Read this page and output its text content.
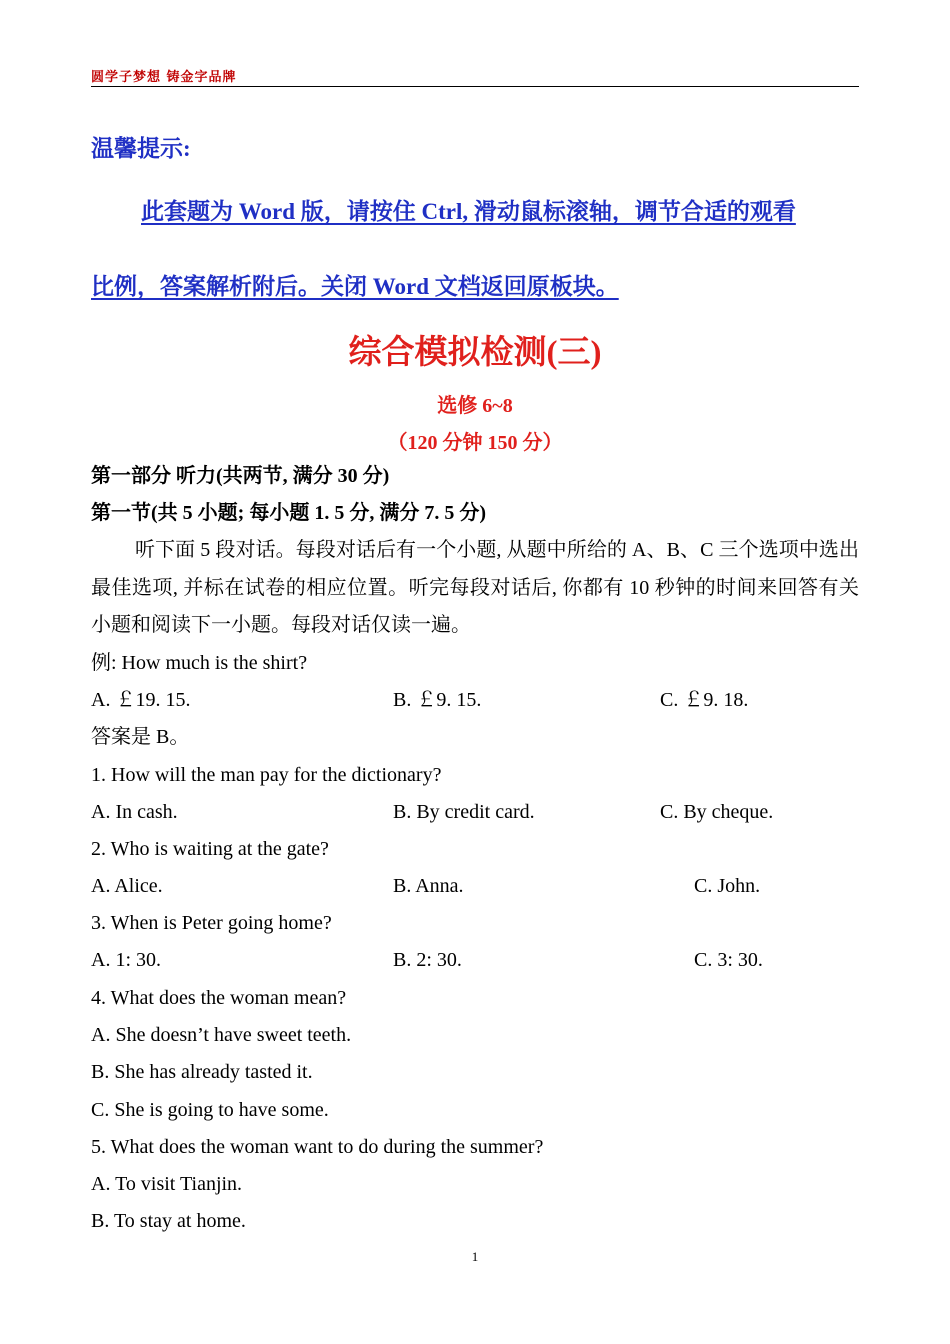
圆学子梦想 铸金字品牌
温馨提示:
此套题为 Word 版，请按住 Ctrl, 滑动鼠标滚轴，调节合适的观看
比例，答案解析附后。关闭 Word 文档返回原板块。
综合模拟检测(三)
选修 6~8
（120 分钟 150 分）
第一部分 听力(共两节, 满分 30 分)
第一节(共 5 小题; 每小题 1. 5 分, 满分 7. 5 分)
听下面 5 段对话。每段对话后有一个小题, 从题中所给的 A、B、C 三个选项中选出最佳选项, 并标在试卷的相应位置。听完每段对话后, 你都有 10 秒钟的时间来回答有关小题和阅读下一小题。每段对话仅读一遍。
例: How much is the shirt?
A. ￡19. 15.	B. ￡9. 15.	C. ￡9. 18.
答案是 B。
1. How will the man pay for the dictionary?
A. In cash.	B. By credit card.	C. By cheque.
2. Who is waiting at the gate?
A. Alice.	B. Anna.	C. John.
3. When is Peter going home?
A. 1: 30.	B. 2: 30.	C. 3: 30.
4. What does the woman mean?
A. She doesn’t have sweet teeth.
B. She has already tasted it.
C. She is going to have some.
5. What does the woman want to do during the summer?
A. To visit Tianjin.
B. To stay at home.
1
